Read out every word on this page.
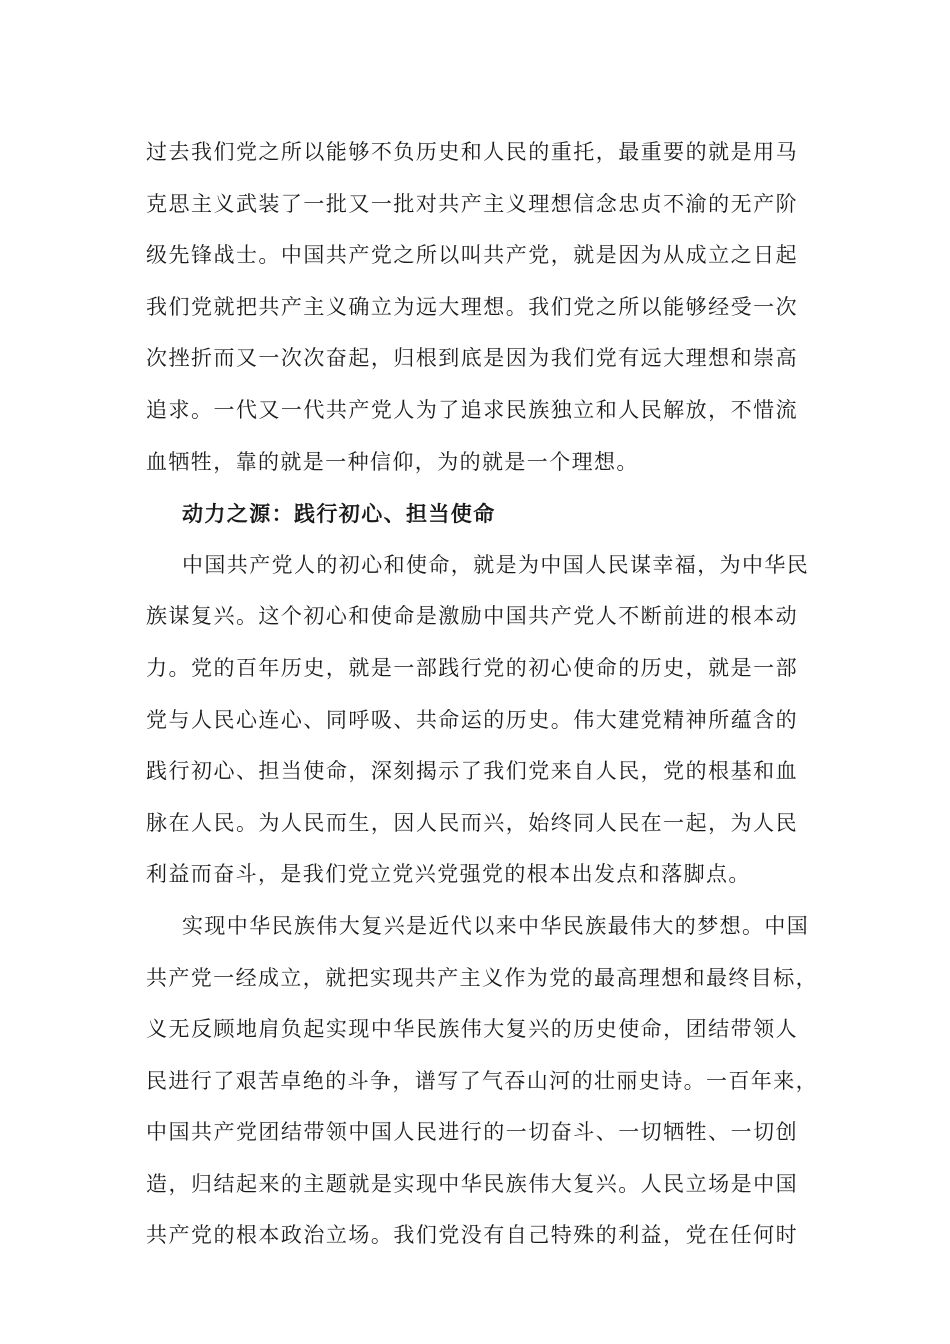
过去我们党之所以能够不负历史和人民的重托，最重要的就是用马
克思主义武装了一批又一批对共产主义理想信念忠贞不渝的无产阶
级先锋战士。中国共产党之所以叫共产党，就是因为从成立之日起
我们党就把共产主义确立为远大理想。我们党之所以能够经受一次
次挫折而又一次次奋起，归根到底是因为我们党有远大理想和崇高
追求。一代又一代共产党人为了追求民族独立和人民解放，不惜流
血牺牲，靠的就是一种信仰，为的就是一个理想。
动力之源：践行初心、担当使命
中国共产党人的初心和使命，就是为中国人民谋幸福，为中华民
族谋复兴。这个初心和使命是激励中国共产党人不断前进的根本动
力。党的百年历史，就是一部践行党的初心使命的历史，就是一部
党与人民心连心、同呼吸、共命运的历史。伟大建党精神所蕴含的
践行初心、担当使命，深刻揭示了我们党来自人民，党的根基和血
脉在人民。为人民而生，因人民而兴，始终同人民在一起，为人民
利益而奋斗，是我们党立党兴党强党的根本出发点和落脚点。
实现中华民族伟大复兴是近代以来中华民族最伟大的梦想。中国
共产党一经成立，就把实现共产主义作为党的最高理想和最终目标，
义无反顾地肩负起实现中华民族伟大复兴的历史使命，团结带领人
民进行了艰苦卓绝的斗争，谱写了气吞山河的壮丽史诗。一百年来，
中国共产党团结带领中国人民进行的一切奋斗、一切牺牲、一切创
造，归结起来的主题就是实现中华民族伟大复兴。人民立场是中国
共产党的根本政治立场。我们党没有自己特殊的利益，党在任何时
